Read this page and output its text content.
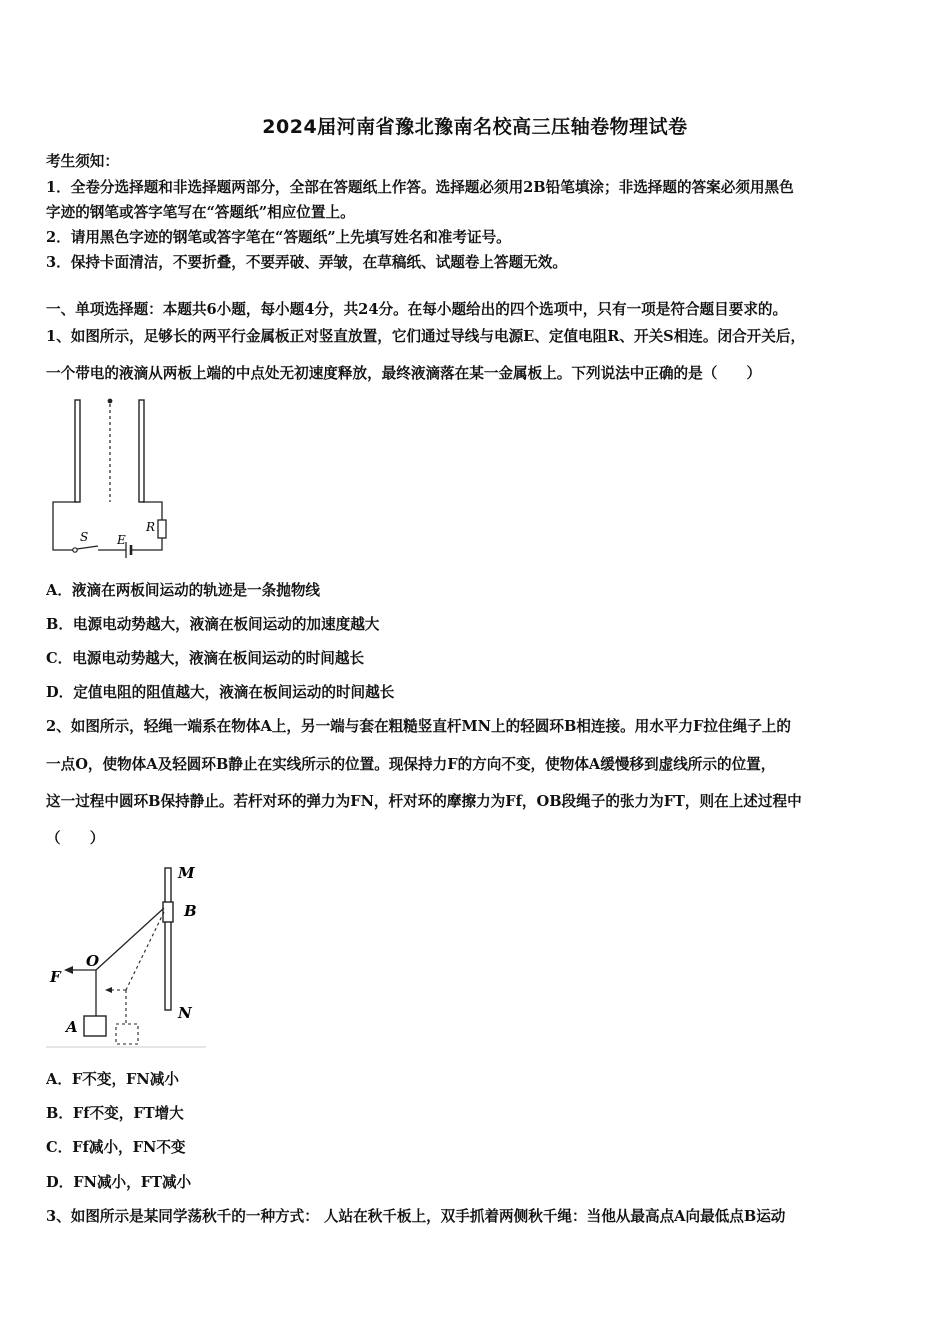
2024届河南省豫北豫南名校高三压轴卷物理试卷
考生须知：
1．全卷分选择题和非选择题两部分，全部在答题纸上作答。选择题必须用2B铅笔填涂；非选择题的答案必须用黑色
字迹的钢笔或答字笔写在“答题纸”相应位置上。
2．请用黑色字迹的钢笔或答字笔在“答题纸”上先填写姓名和准考证号。
3．保持卡面清洁，不要折叠，不要弄破、弄皱，在草稿纸、试题卷上答题无效。
一、单项选择题：本题共6小题，每小题4分，共24分。在每小题给出的四个选项中，只有一项是符合题目要求的。
1、如图所示，足够长的两平行金属板正对竖直放置，它们通过导线与电源E、定值电阻R、开关S相连。闭合开关后，
一个带电的液滴从两板上端的中点处无初速度释放，最终液滴落在某一金属板上。下列说法中正确的是（　　）
S E
R
A．液滴在两板间运动的轨迹是一条抛物线
B．电源电动势越大，液滴在板间运动的加速度越大
C．电源电动势越大，液滴在板间运动的时间越长
D．定值电阻的阻值越大，液滴在板间运动的时间越长
2、如图所示，轻绳一端系在物体A上，另一端与套在粗糙竖直杆MN上的轻圆环B相连接。用水平力F拉住绳子上的
一点O，使物体A及轻圆环B静止在实线所示的位置。现保持力F的方向不变，使物体A缓慢移到虚线所示的位置，
这一过程中圆环B保持静止。若杆对环的弹力为FN，杆对环的摩擦力为Ff，OB段绳子的张力为FT，则在上述过程中
（　　）
M
N
B
O
F
A
A．F不变，FN减小
B．Ff不变，FT增大
C．Ff减小，FN不变
D．FN减小，FT减小
3、如图所示是某同学荡秋千的一种方式： 人站在秋千板上，双手抓着两侧秋千绳：当他从最高点A向最低点B运动
